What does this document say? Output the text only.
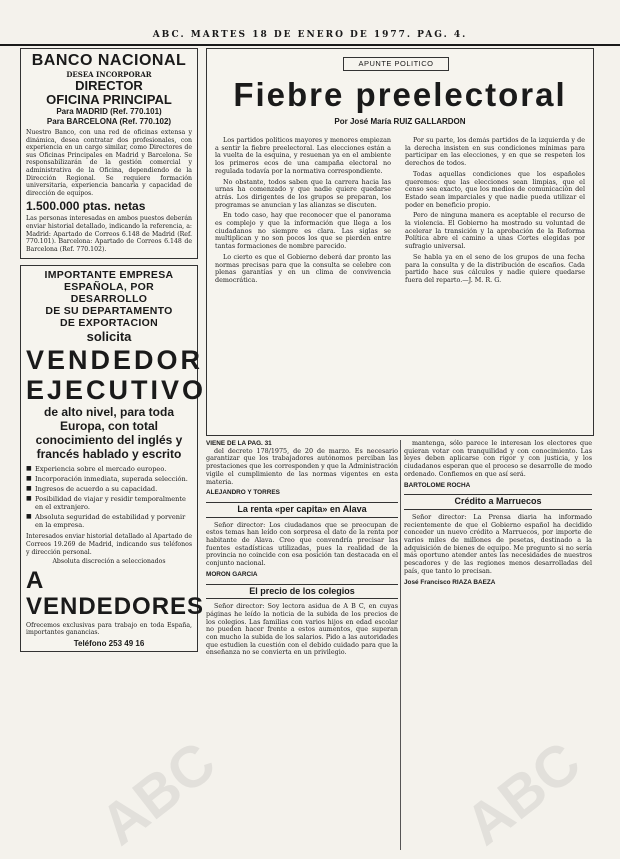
ABC. MARTES 18 DE ENERO DE 1977. PAG. 4.
BANCO NACIONAL
DESEA INCORPORAR
DIRECTOR
OFICINA PRINCIPAL
Para MADRID (Ref. 770.101)
Para BARCELONA (Ref. 770.102)

Nuestro Banco, con una red de oficinas extensa y dinámica, desea contratar dos profesionales, con experiencia en un cargo similar, como Directores de sus Oficinas Principales en Madrid y Barcelona. Se responsabilizarán de la gestión comercial y administrativa de la Oficina, dependiendo de la Dirección Regional. Se requiere formación universitaria, experiencia bancaria y capacidad de dirección de equipos.

1.500.000 ptas. netas

Las personas interesadas en ambos puestos deberán enviar historial detallado, indicando la referencia, a: Madrid: Apartado de Correos 6.148 de Madrid (Ref. 770.101). Barcelona: Apartado de Correos 6.148 de Barcelona (Ref. 770.102).

IMPORTANTE EMPRESA
ESPAÑOLA, POR DESARROLLO
DE SU DEPARTAMENTO
DE EXPORTACION
solicita
VENDEDOR
EJECUTIVO
de alto nivel, para toda Europa, con total conocimiento del inglés y francés hablado y escrito
■ Experiencia sobre el mercado europeo.
■ Incorporación inmediata, superada selección.
■ Ingresos de acuerdo a su capacidad.
■ Posibilidad de viajar y residir temporalmente en el extranjero.
■ Absoluta seguridad de estabilidad y porvenir en la empresa.

Interesados enviar historial detallado al Apartado de Correos 19.269 de Madrid, indicando sus teléfonos y dirección personal.

Absoluta discreción a seleccionados

A VENDEDORES

Ofrecemos exclusivas para trabajo en toda España, importantes ganancias.

Teléfono 253 49 16
APUNTE POLITICO
Fiebre preelectoral
Por José María RUIZ GALLARDON

Los partidos políticos mayores y menores empiezan a sentir la fiebre preelectoral. Las elecciones están a la vuelta de la esquina, y resuenan ya en el ambiente los primeros ecos de una campaña electoral no regulada todavía por la normativa correspondiente.

No obstante, todos saben que la carrera hacia las urnas ha comenzado y que nadie quiere quedarse atrás. Los dirigentes de los grupos se preparan, los programas se anuncian y las alianzas se discuten.

En todo caso, hay que reconocer que el panorama es complejo y que la información que llega a los ciudadanos no siempre es clara. Las siglas se multiplican y no son pocos los que se pierden entre tantas formaciones de nombre parecido.

Lo cierto es que el Gobierno deberá dar pronto las normas precisas para que la consulta se celebre con plenas garantías y en un clima de convivencia democrática.

Por su parte, los demás partidos de la izquierda y de la derecha insisten en sus condiciones mínimas para participar en las elecciones, y en que se respeten los derechos de todos.

Todas aquellas condiciones que los españoles queremos: que las elecciones sean limpias, que el censo sea exacto, que los medios de comunicación del Estado sean imparciales y que nadie pueda utilizar el poder en beneficio propio.

Pero de ninguna manera es aceptable el recurso de la violencia. El Gobierno ha mostrado su voluntad de acelerar la transición y la aprobación de la Reforma Política abre el camino a unas Cortes elegidas por sufragio universal.

Se habla ya en el seno de los grupos de una fecha para la consulta y de la distribución de escaños. Cada partido hace sus cálculos y nadie quiere quedarse fuera del reparto.—J. M. R. G.

VIENE DE LA PAG. 31

del decreto 178/1975, de 20 de marzo. Es necesario garantizar que los trabajadores autónomos perciban las prestaciones que les corresponden y que la Administración vigile el cumplimiento de las normas vigentes en esta materia.

ALEJANDRO Y TORRES

La renta «per capita» en Alava

Señor director: Los ciudadanos que se preocupan de estos temas han leído con sorpresa el dato de la renta por habitante de Alava. Creo que convendría precisar las fuentes estadísticas utilizadas, pues la realidad de la provincia no coincide con esa posición tan destacada en el conjunto nacional.

MORON GARCIA

El precio de los colegios

Señor director: Soy lectora asidua de A B C, en cuyas páginas he leído la noticia de la subida de los precios de los colegios. Las familias con varios hijos en edad escolar no pueden hacer frente a estos aumentos, que superan con mucho la subida de los salarios. Pido a las autoridades que estudien la cuestión con el debido cuidado para que la enseñanza no se convierta en un privilegio.

mantenga, sólo parece le interesan los electores que quieran votar con tranquilidad y con conocimiento. Las leyes deben aplicarse con rigor y con justicia, y los ciudadanos esperan que el proceso se desarrolle de modo ordenado. Confiemos en que así será.

BARTOLOME ROCHA

Crédito a Marruecos

Señor director: La Prensa diaria ha informado recientemente de que el Gobierno español ha decidido conceder un nuevo crédito a Marruecos, por importe de varios miles de millones de pesetas, destinado a la adquisición de bienes de equipo. Me pregunto si no sería más oportuno atender antes las necesidades de nuestros pescadores y de las regiones menos desarrolladas del país, que tanto lo precisan.

José Francisco RIAZA BAEZA

ABC	ABC
